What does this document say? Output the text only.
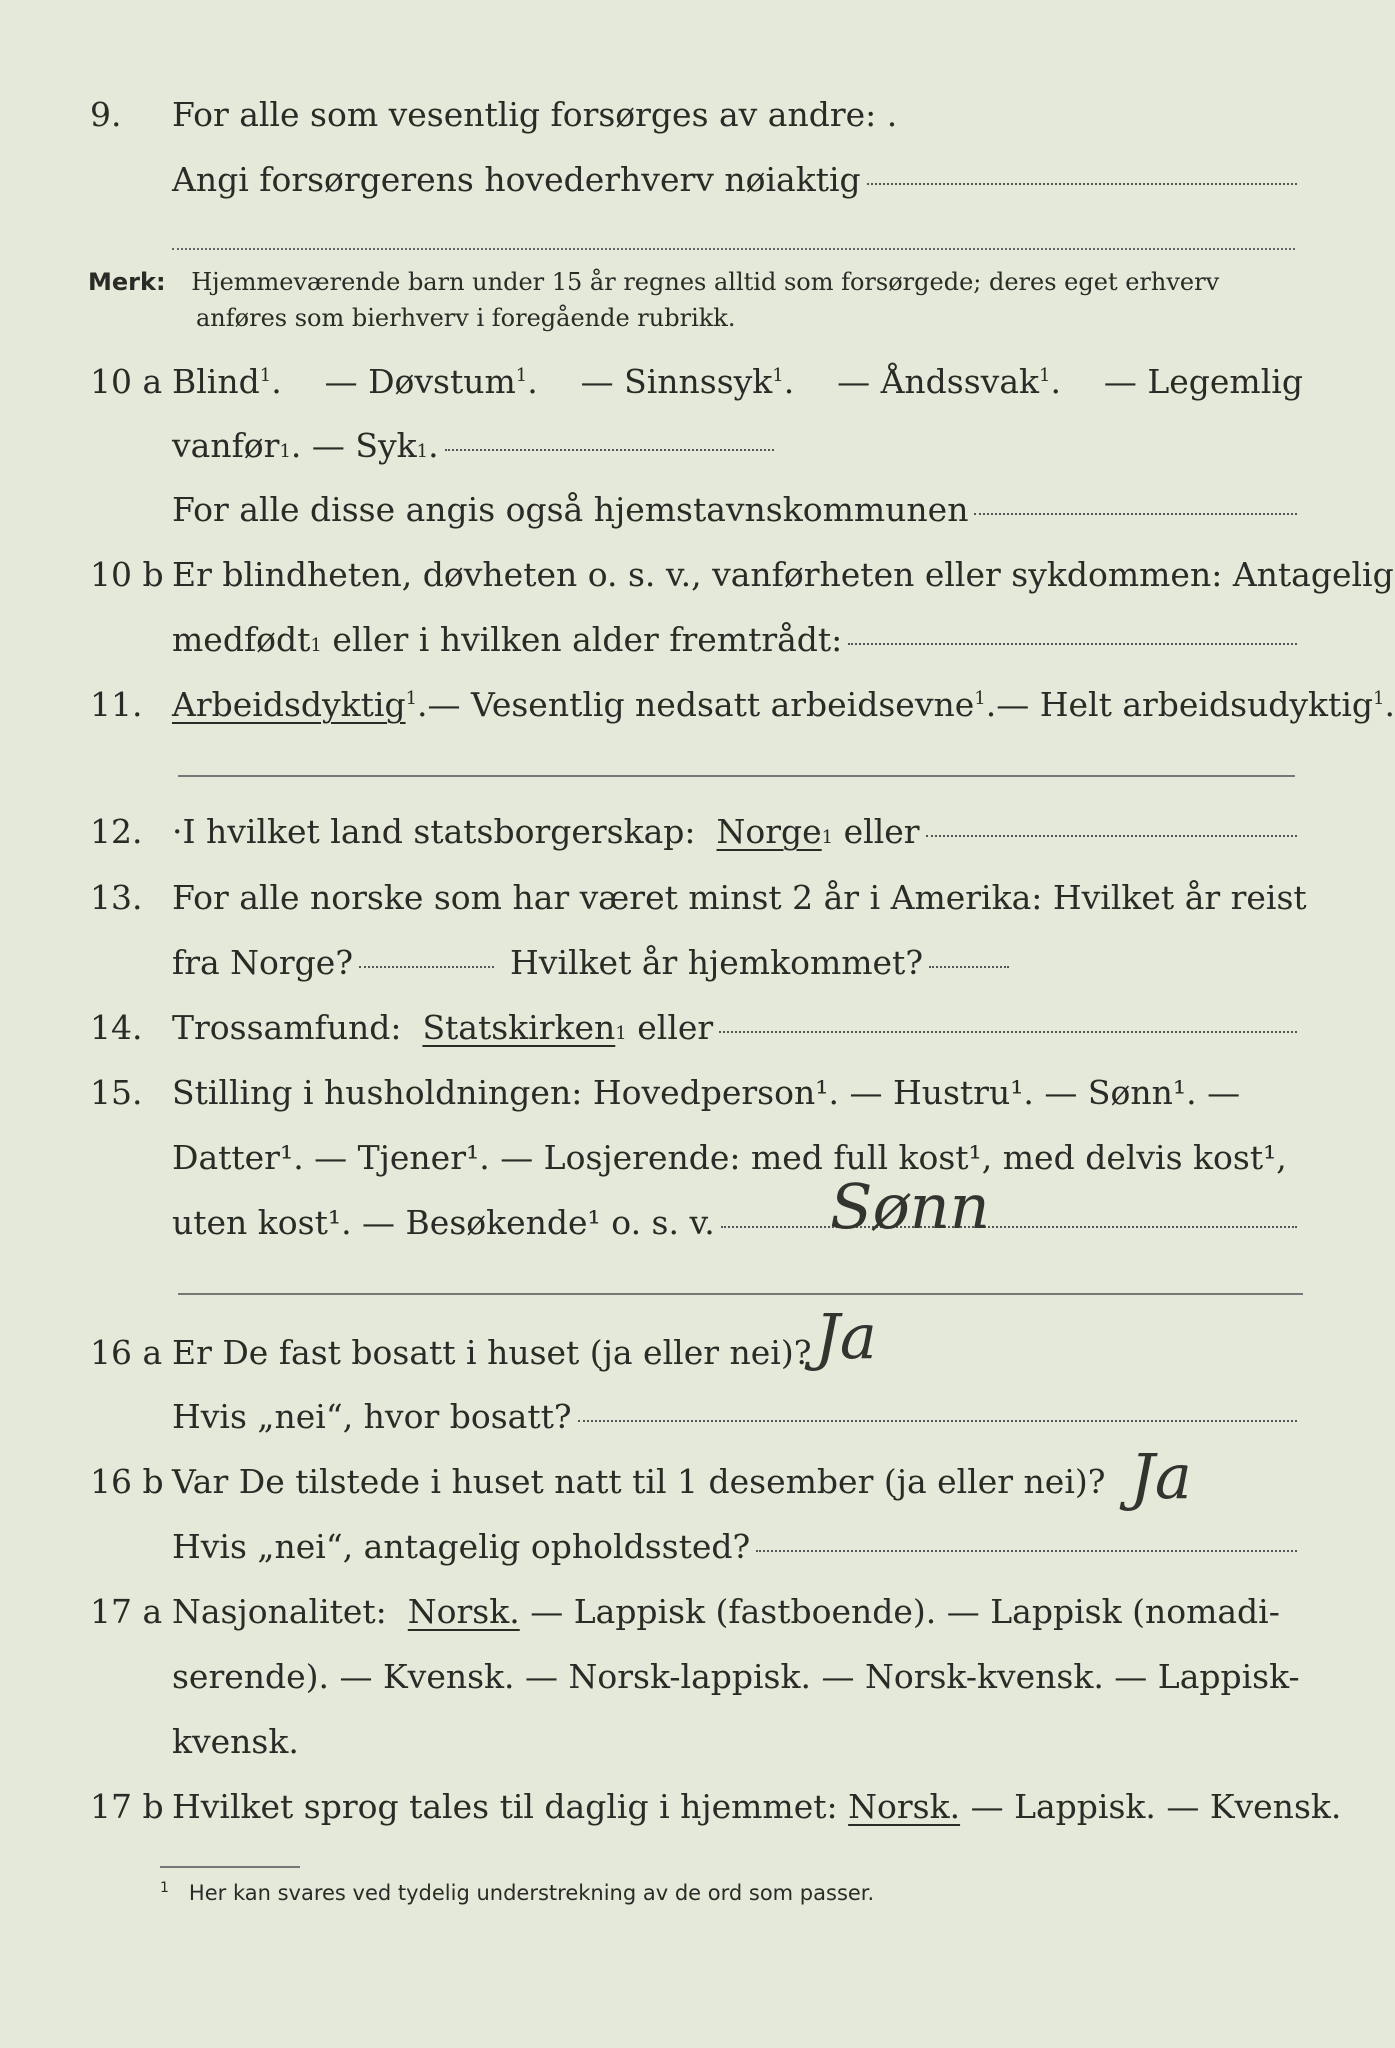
9. For alle som vesentlig forsørges av andre: .
Angi forsørgerens hovederhverv nøiaktig
Merk: Hjemmeværende barn under 15 år regnes alltid som forsørgede; deres eget erhverv
anføres som bierhverv i foregående rubrikk.
10 a Blind$^1$. — Døvstum$^1$. — Sinnssyk$^1$. — Åndssvak$^1$. — Legemlig
vanfør 1 . — Syk 1 .
For alle disse angis også hjemstavnskommunen
10 b Er blindheten, døvheten o. s. v., vanførheten eller sykdommen: Antagelig
medfødt 1
eller i hvilken alder fremtrådt:
11. Arbeidsdyktig$^1$. — Vesentlig nedsatt arbeidsevne$^1$. — Helt arbeidsudyktig$^1$.
12. ·I hvilket land statsborgerskap:
Norge 1
eller
13. For alle norske som har været minst 2 år i Amerika: Hvilket år reist
fra Norge?	Hvilket år hjemkommet?
14. Trossamfund:
Statskirken 1
eller
15. Stilling i husholdningen: Hovedperson¹. — Hustru¹. — Sønn¹. —
Datter¹. — Tjener¹. — Losjerende: med full kost¹, med delvis kost¹,
uten kost¹. — Besøkende¹ o. s. v. Sønn
16 a Er De fast bosatt i huset (ja eller nei)? Ja
Hvis „nei“, hvor bosatt?
16 b Var De tilstede i huset natt til 1 desember (ja eller nei)? Ja
Hvis „nei“, antagelig opholdssted?
17 a Nasjonalitet:
Norsk.
— Lappisk (fastboende). — Lappisk (nomadi-
serende). — Kvensk. — Norsk-lappisk. — Norsk-kvensk. — Lappisk-
kvensk.
17 b Hvilket sprog tales til daglig i hjemmet:
Norsk.
— Lappisk. — Kvensk.
$^1$ Her kan svares ved tydelig understrekning av de ord som passer.
